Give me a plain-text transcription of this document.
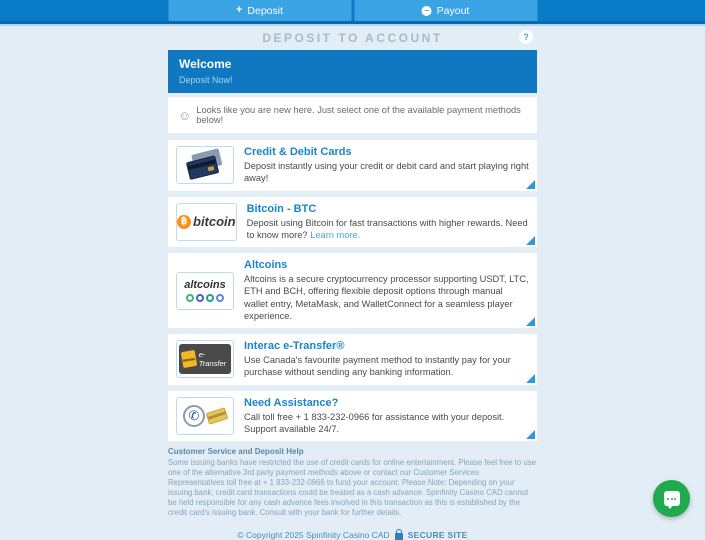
+ Deposit	− Payout
DEPOSIT TO ACCOUNT	?
Welcome
Deposit Now!
☺ Looks like you are new here. Just select one of the available payment methods below!
Credit & Debit Cards
Deposit instantly using your credit or debit card and start playing right away!
฿ bitcoin
Bitcoin - BTC
Deposit using Bitcoin for fast transactions with higher rewards. Need to know more? Learn more.
altcoins
Altcoins
Altcoins is a secure cryptocurrency processor supporting USDT, LTC, ETH and BCH, offering flexible deposit options through manual wallet entry, MetaMask, and WalletConnect for a seamless player experience.
Interac e-Transfer
Interac e-Transfer®
Use Canada's favourite payment method to instantly pay for your purchase without sending any banking information.
✆
Need Assistance?
Call toll free + 1 833-232-0966 for assistance with your deposit. Support available 24/7.
Customer Service and Deposit Help
Some issuing banks have restricted the use of credit cards for online entertainment. Please feel free to use one of the alternative 3rd party payment methods above or contact our Customer Services Representatives toll free at + 1 833-232-0966 to fund your account. Please Note: Depending on your issuing bank, credit card transactions could be treated as a cash advance. Spinfinity Casino CAD cannot be held responsible for any cash advance fees involved in this transaction as this is established by the credit card's issuing bank. Consult with your bank for further details.
© Copyright 2025 Spinfinity Casino CAD SECURE SITE
